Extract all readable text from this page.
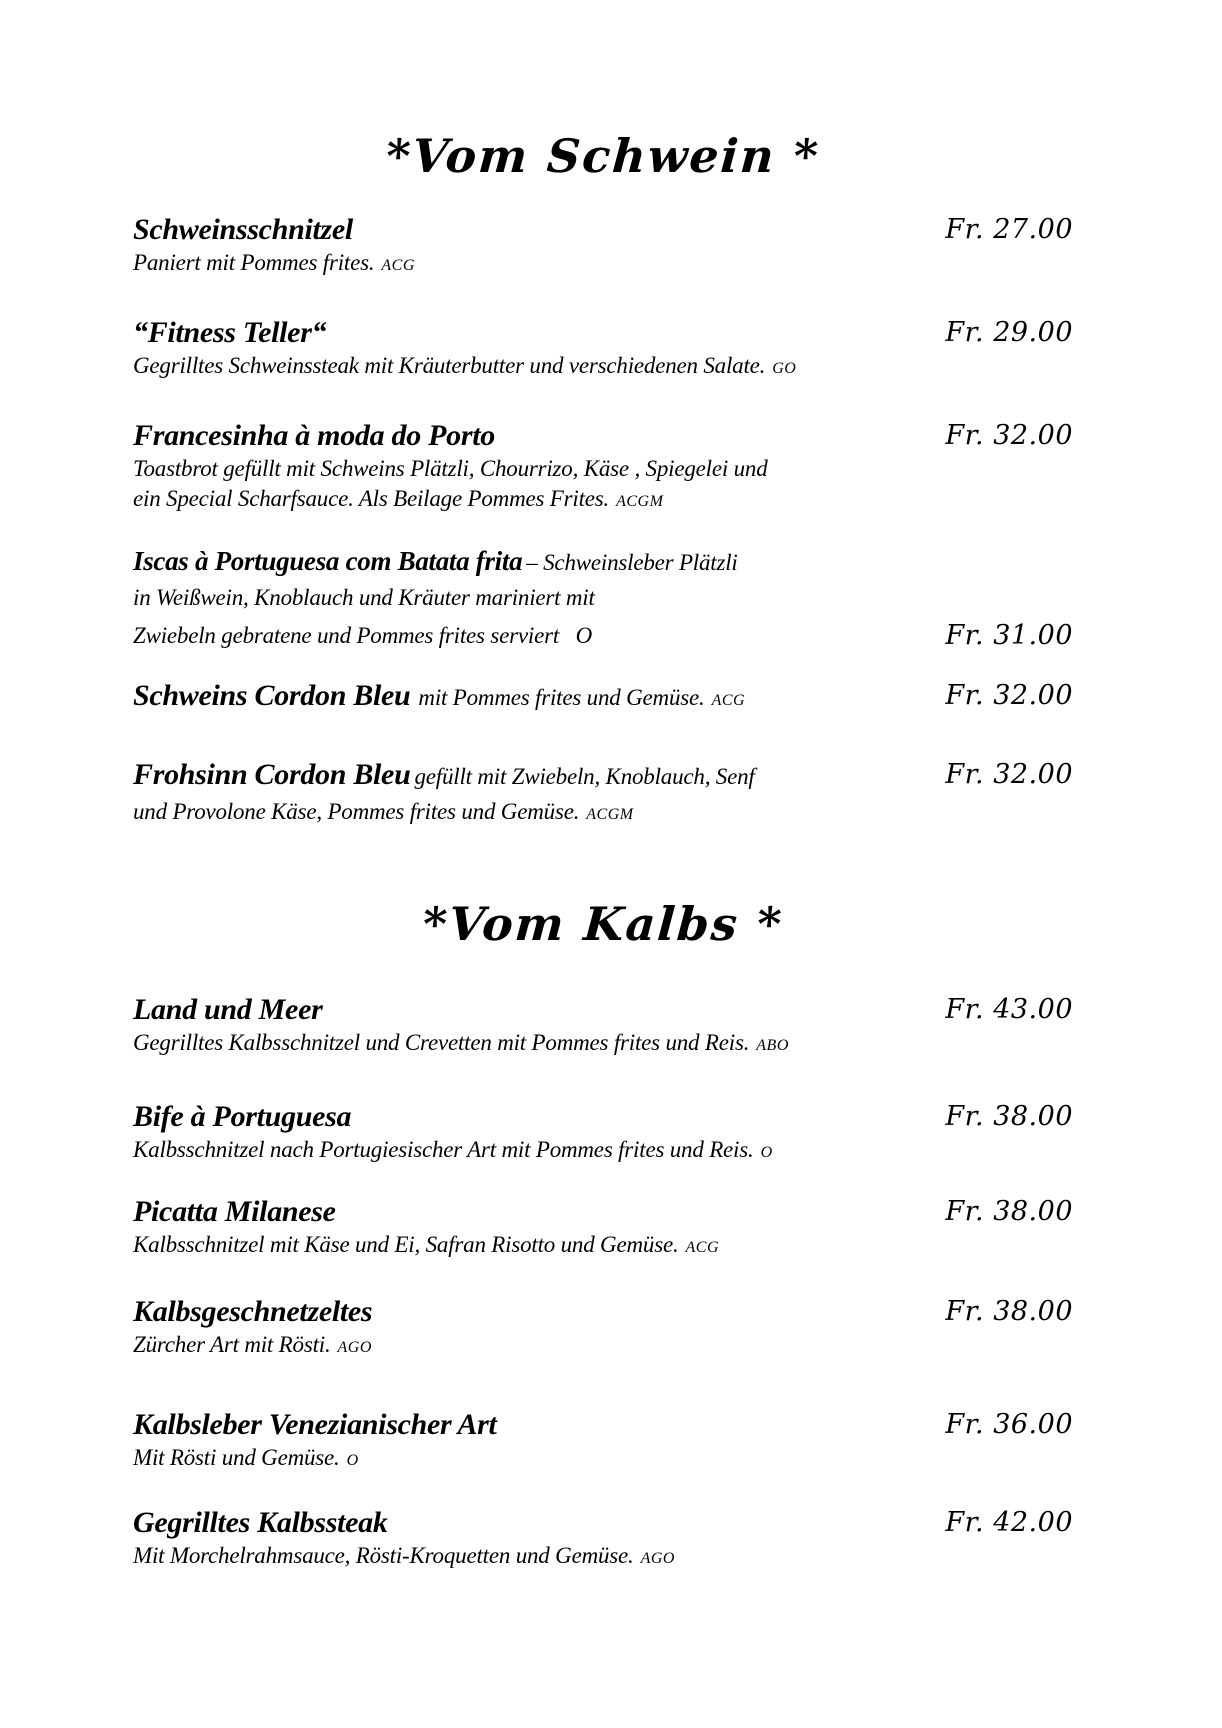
*Vom Schwein *
Schweinsschnitzel
Paniert mit Pommes frites. ACG
Fr. 27.00
“Fitness Teller“
Gegrilltes Schweinssteak mit Kräuterbutter und verschiedenen Salate. GO
Fr. 29.00
Francesinha à moda do Porto
Toastbrot gefüllt mit Schweins Plätzli, Chourrizo, Käse , Spiegelei und
ein Special Scharfsauce. Als Beilage Pommes Frites. ACGM
Fr. 32.00
Iscas à Portuguesa com Batata frita – Schweinsleber Plätzli
in Weißwein, Knoblauch und Kräuter mariniert mit
Zwiebeln gebratene und Pommes frites serviert   O	Fr. 31.00
Schweins Cordon Bleu mit Pommes frites und Gemüse. ACG	Fr. 32.00
Frohsinn Cordon Bleu gefüllt mit Zwiebeln, Knoblauch, Senf
und Provolone Käse, Pommes frites und Gemüse. ACGM
Fr. 32.00
*Vom Kalbs *
Land und Meer
Gegrilltes Kalbsschnitzel und Crevetten mit Pommes frites und Reis. ABO
Fr. 43.00
Bife à Portuguesa
Kalbsschnitzel nach Portugiesischer Art mit Pommes frites und Reis. O
Fr. 38.00
Picatta Milanese
Kalbsschnitzel mit Käse und Ei, Safran Risotto und Gemüse. ACG
Fr. 38.00
Kalbsgeschnetzeltes
Zürcher Art mit Rösti. AGO
Fr. 38.00
Kalbsleber Venezianischer Art
Mit Rösti und Gemüse. O
Fr. 36.00
Gegrilltes Kalbssteak
Mit Morchelrahmsauce, Rösti-Kroquetten und Gemüse. AGO
Fr. 42.00
